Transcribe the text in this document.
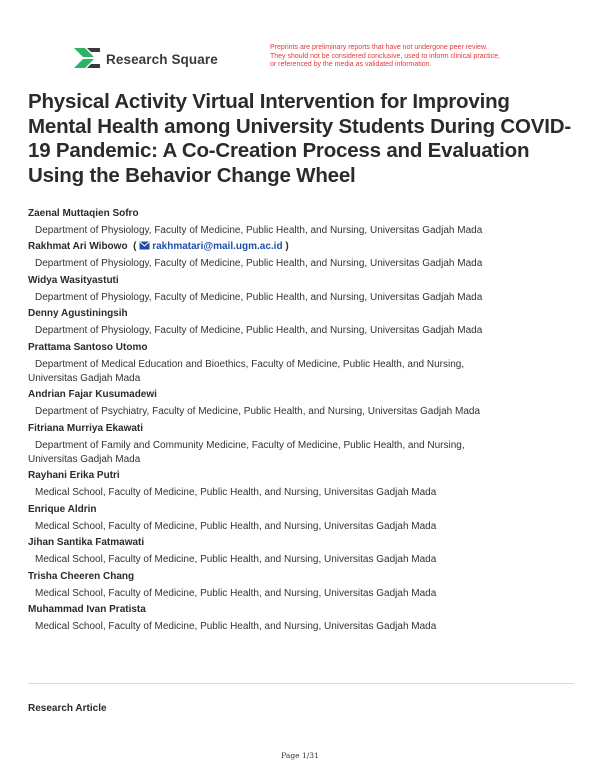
Research Square
Preprints are preliminary reports that have not undergone peer review.
They should not be considered conclusive, used to inform clinical practice,
or referenced by the media as validated information.
Physical Activity Virtual Intervention for Improving Mental Health among University Students During COVID-19 Pandemic: A Co-Creation Process and Evaluation Using the Behavior Change Wheel
Zaenal Muttaqien Sofro
Department of Physiology, Faculty of Medicine, Public Health, and Nursing, Universitas Gadjah Mada
Rakhmat Ari Wibowo  ( rakhmatari@mail.ugm.ac.id )
Department of Physiology, Faculty of Medicine, Public Health, and Nursing, Universitas Gadjah Mada
Widya Wasityastuti
Department of Physiology, Faculty of Medicine, Public Health, and Nursing, Universitas Gadjah Mada
Denny Agustiningsih
Department of Physiology, Faculty of Medicine, Public Health, and Nursing, Universitas Gadjah Mada
Prattama Santoso Utomo
Department of Medical Education and Bioethics, Faculty of Medicine, Public Health, and Nursing,
Universitas Gadjah Mada
Andrian Fajar Kusumadewi
Department of Psychiatry, Faculty of Medicine, Public Health, and Nursing, Universitas Gadjah Mada
Fitriana Murriya Ekawati
Department of Family and Community Medicine, Faculty of Medicine, Public Health, and Nursing,
Universitas Gadjah Mada
Rayhani Erika Putri
Medical School, Faculty of Medicine, Public Health, and Nursing, Universitas Gadjah Mada
Enrique Aldrin
Medical School, Faculty of Medicine, Public Health, and Nursing, Universitas Gadjah Mada
Jihan Santika Fatmawati
Medical School, Faculty of Medicine, Public Health, and Nursing, Universitas Gadjah Mada
Trisha Cheeren Chang
Medical School, Faculty of Medicine, Public Health, and Nursing, Universitas Gadjah Mada
Muhammad Ivan Pratista
Medical School, Faculty of Medicine, Public Health, and Nursing, Universitas Gadjah Mada
Research Article
Page 1/31
